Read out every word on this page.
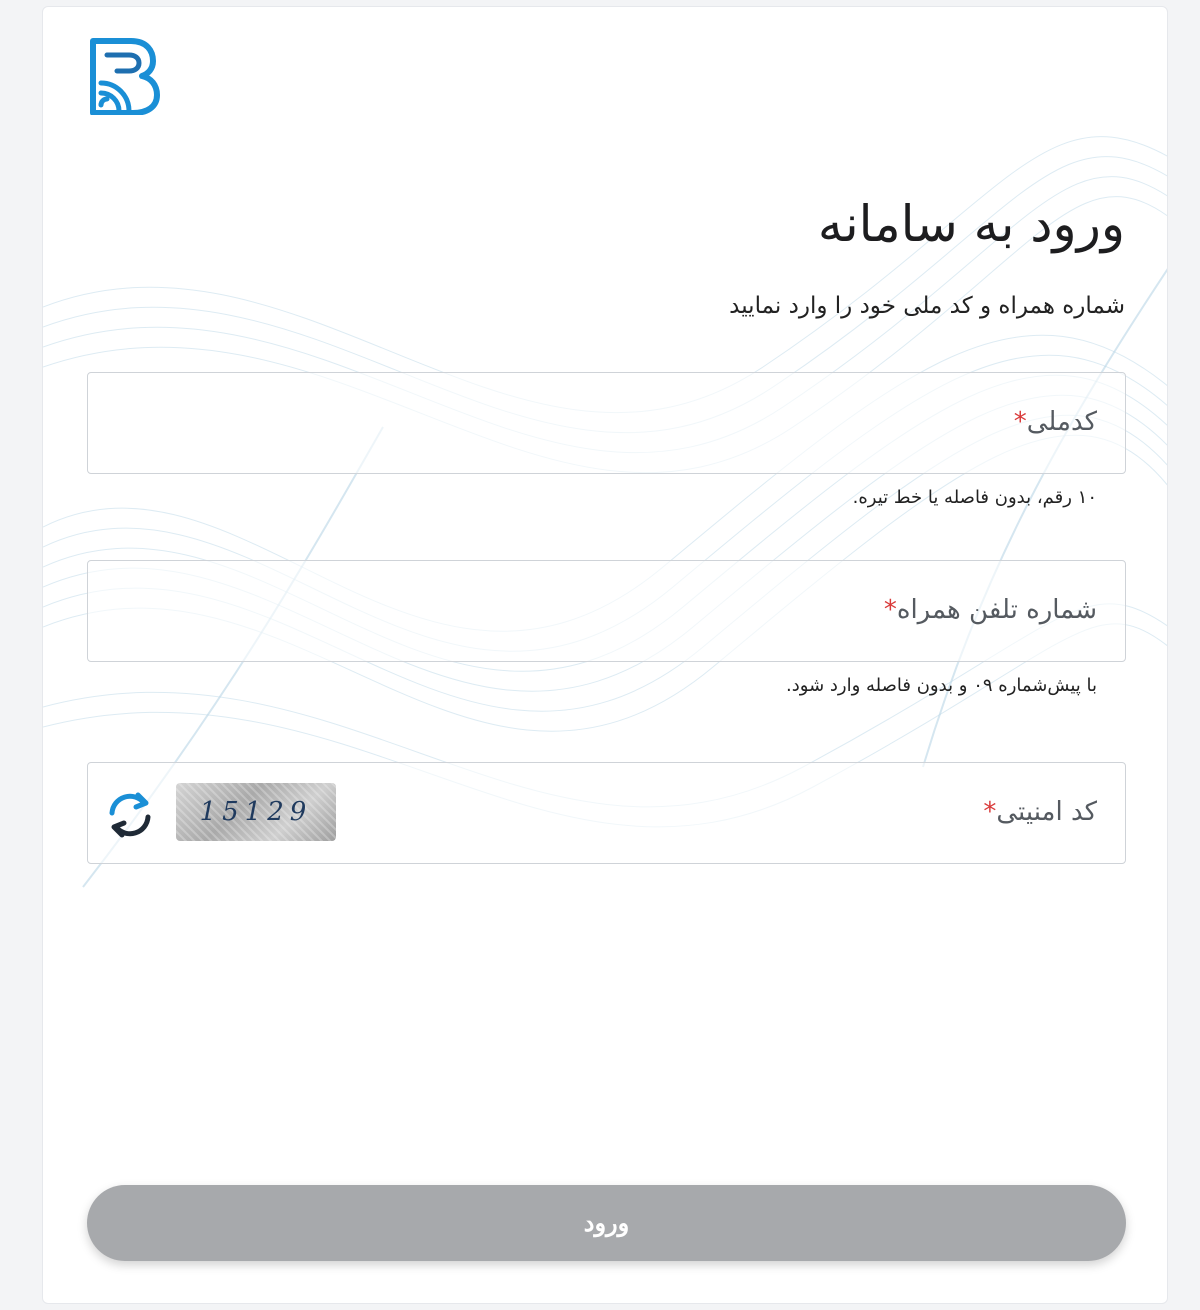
ورود به سامانه

شماره همراه و کد ملی خود را وارد نمایید

کدملی*
۱۰ رقم، بدون فاصله یا خط تیره.
شماره تلفن همراه*
با پیش‌شماره ۰۹ و بدون فاصله وارد شود.
کد امنیتی*
15129
ورود
